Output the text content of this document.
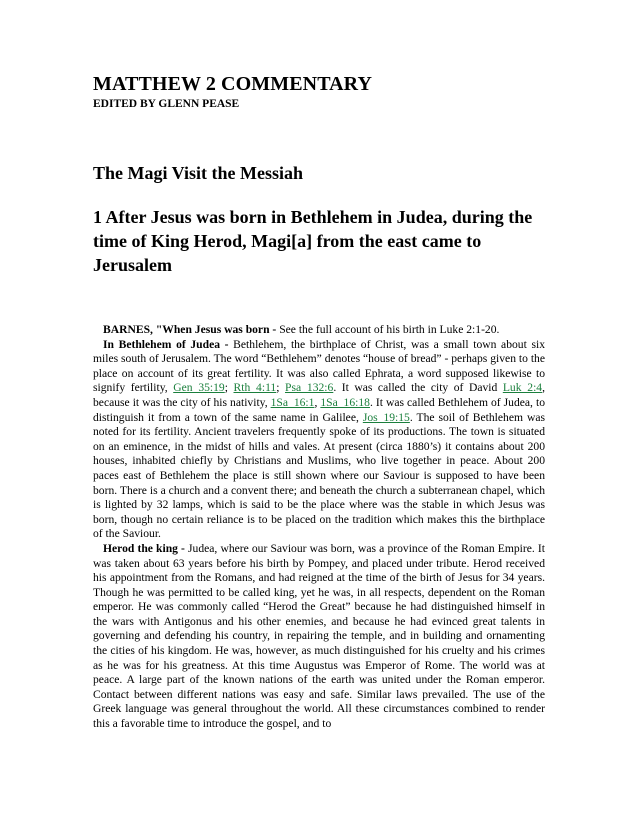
MATTHEW 2 COMMENTARY
EDITED BY GLENN PEASE
The Magi Visit the Messiah
1 After Jesus was born in Bethlehem in Judea, during the time of King Herod, Magi[a] from the east came to Jerusalem

BARNES, "When Jesus was born - See the full account of his birth in Luke 2:1-20.

In Bethlehem of Judea - Bethlehem, the birthplace of Christ, was a small town about six miles south of Jerusalem. The word “Bethlehem” denotes “house of bread” - perhaps given to the place on account of its great fertility. It was also called Ephrata, a word supposed likewise to signify fertility, Gen_35:19; Rth_4:11; Psa_132:6. It was called the city of David Luk_2:4, because it was the city of his nativity, 1Sa_16:1, 1Sa_16:18. It was called Bethlehem of Judea, to distinguish it from a town of the same name in Galilee, Jos_19:15. The soil of Bethlehem was noted for its fertility. Ancient travelers frequently spoke of its productions. The town is situated on an eminence, in the midst of hills and vales. At present (circa 1880’s) it contains about 200 houses, inhabited chiefly by Christians and Muslims, who live together in peace. About 200 paces east of Bethlehem the place is still shown where our Saviour is supposed to have been born. There is a church and a convent there; and beneath the church a subterranean chapel, which is lighted by 32 lamps, which is said to be the place where was the stable in which Jesus was born, though no certain reliance is to be placed on the tradition which makes this the birthplace of the Saviour.

Herod the king - Judea, where our Saviour was born, was a province of the Roman Empire. It was taken about 63 years before his birth by Pompey, and placed under tribute. Herod received his appointment from the Romans, and had reigned at the time of the birth of Jesus for 34 years. Though he was permitted to be called king, yet he was, in all respects, dependent on the Roman emperor. He was commonly called “Herod the Great” because he had distinguished himself in the wars with Antigonus and his other enemies, and because he had evinced great talents in governing and defending his country, in repairing the temple, and in building and ornamenting the cities of his kingdom. He was, however, as much distinguished for his cruelty and his crimes as he was for his greatness. At this time Augustus was Emperor of Rome. The world was at peace. A large part of the known nations of the earth was united under the Roman emperor. Contact between different nations was easy and safe. Similar laws prevailed. The use of the Greek language was general throughout the world. All these circumstances combined to render this a favorable time to introduce the gospel, and to
